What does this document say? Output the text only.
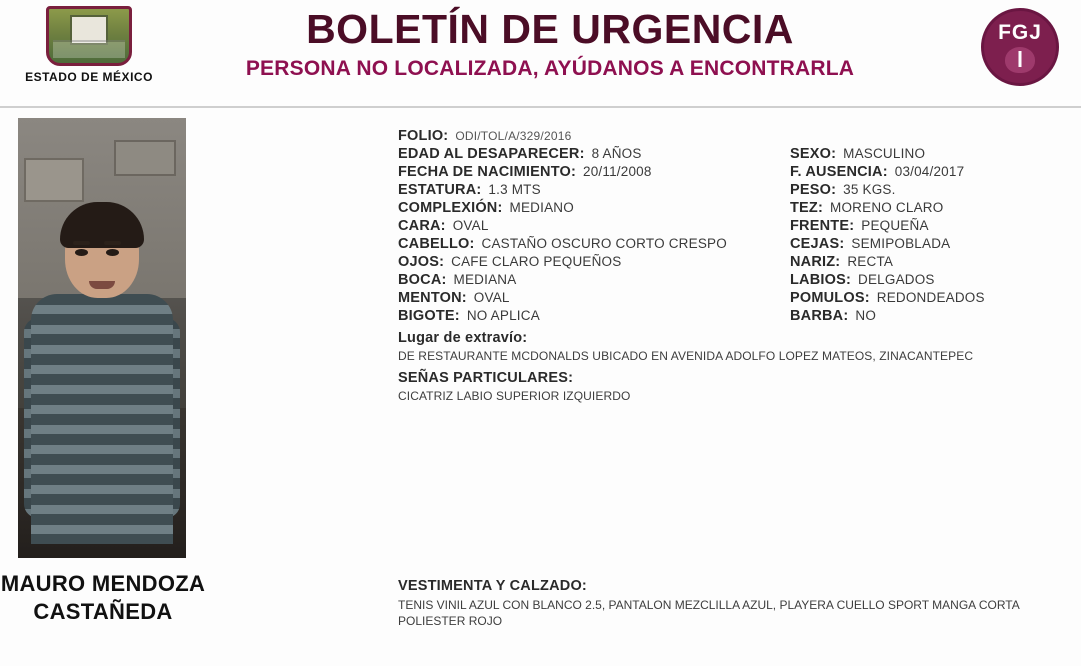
ESTADO DE MÉXICO
BOLETÍN DE URGENCIA
PERSONA NO LOCALIZADA, AYÚDANOS A ENCONTRARLA
FGJ
MAURO MENDOZA
CASTAÑEDA
FOLIO: ODI/TOL/A/329/2016
EDAD AL DESAPARECER: 8 AÑOS	SEXO: MASCULINO
FECHA DE NACIMIENTO: 20/11/2008	F. AUSENCIA: 03/04/2017
ESTATURA: 1.3 MTS	PESO: 35 KGS.
COMPLEXIÓN: MEDIANO	TEZ: MORENO CLARO
CARA: OVAL	FRENTE: PEQUEÑA
CABELLO: CASTAÑO OSCURO CORTO CRESPO	CEJAS: SEMIPOBLADA
OJOS: CAFE CLARO PEQUEÑOS	NARIZ: RECTA
BOCA: MEDIANA	LABIOS: DELGADOS
MENTON: OVAL	POMULOS: REDONDEADOS
BIGOTE: NO APLICA	BARBA: NO
Lugar de extravío:
DE RESTAURANTE MCDONALDS UBICADO EN AVENIDA ADOLFO LOPEZ MATEOS, ZINACANTEPEC
SEÑAS PARTICULARES:
CICATRIZ LABIO SUPERIOR IZQUIERDO
VESTIMENTA Y CALZADO:
TENIS VINIL AZUL CON BLANCO 2.5, PANTALON MEZCLILLA AZUL, PLAYERA CUELLO SPORT MANGA CORTA POLIESTER ROJO
